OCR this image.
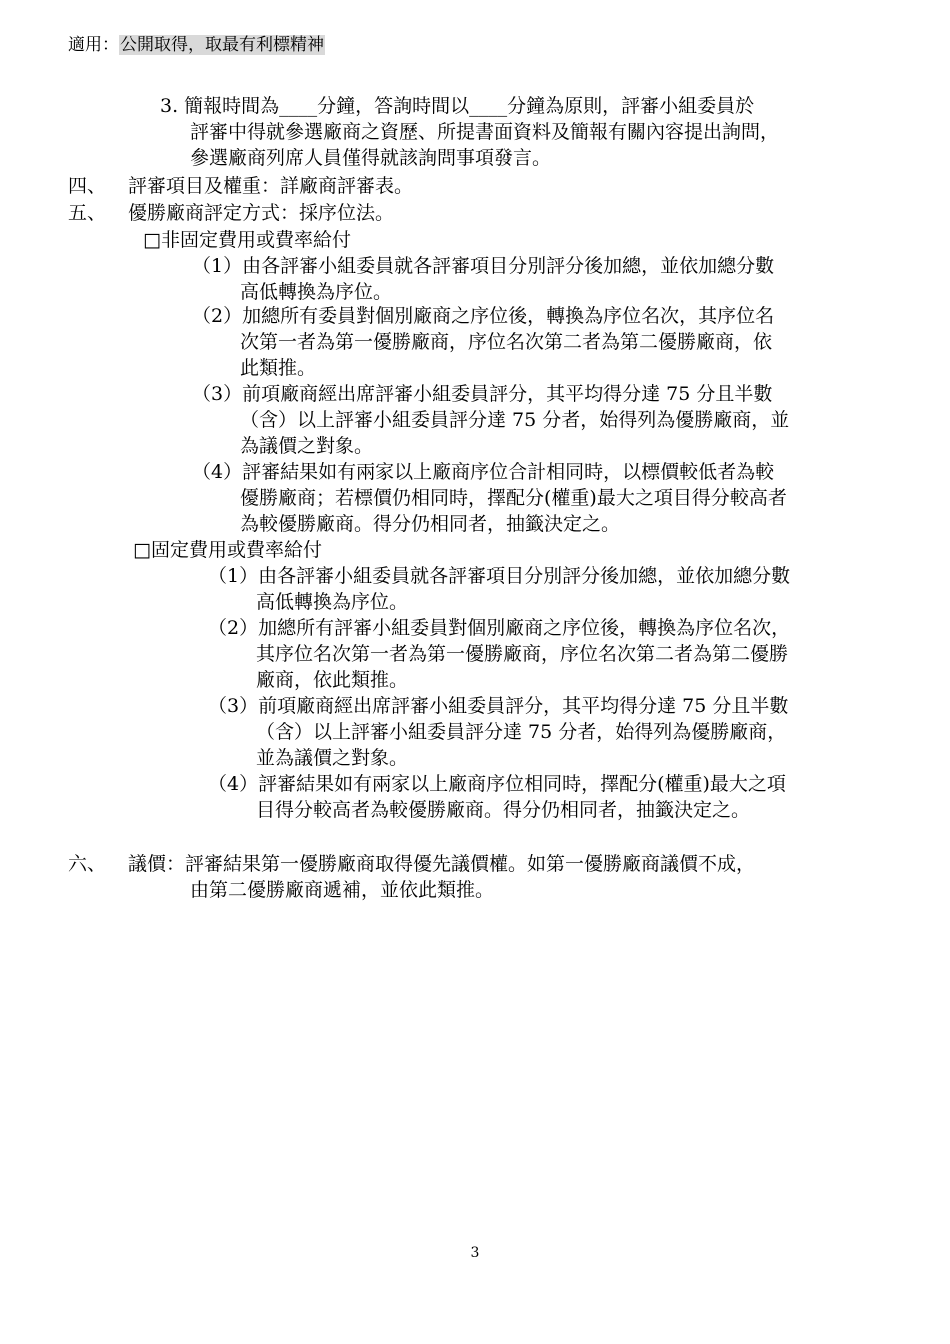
適用：公開取得，取最有利標精神
3. 簡報時間為____分鐘，答詢時間以____分鐘為原則，評審小組委員於
評審中得就參選廠商之資歷、所提書面資料及簡報有關內容提出詢問，
參選廠商列席人員僅得就該詢問事項發言。
四、 評審項目及權重：詳廠商評審表。
五、 優勝廠商評定方式：採序位法。
□非固定費用或費率給付
（1）由各評審小組委員就各評審項目分別評分後加總，並依加總分數
高低轉換為序位。
（2）加總所有委員對個別廠商之序位後，轉換為序位名次，其序位名
次第一者為第一優勝廠商，序位名次第二者為第二優勝廠商，依
此類推。
（3）前項廠商經出席評審小組委員評分，其平均得分達 75 分且半數
（含）以上評審小組委員評分達 75 分者，始得列為優勝廠商，並
為議價之對象。
（4）評審結果如有兩家以上廠商序位合計相同時，以標價較低者為較
優勝廠商；若標價仍相同時，擇配分(權重)最大之項目得分較高者
為較優勝廠商。得分仍相同者，抽籤決定之。
□固定費用或費率給付
（1）由各評審小組委員就各評審項目分別評分後加總，並依加總分數
高低轉換為序位。
（2）加總所有評審小組委員對個別廠商之序位後，轉換為序位名次，
其序位名次第一者為第一優勝廠商，序位名次第二者為第二優勝
廠商，依此類推。
（3）前項廠商經出席評審小組委員評分，其平均得分達 75 分且半數
（含）以上評審小組委員評分達 75 分者，始得列為優勝廠商，
並為議價之對象。
（4）評審結果如有兩家以上廠商序位相同時，擇配分(權重)最大之項
目得分較高者為較優勝廠商。得分仍相同者，抽籤決定之。
六、 議價：評審結果第一優勝廠商取得優先議價權。如第一優勝廠商議價不成，
由第二優勝廠商遞補，並依此類推。
3
